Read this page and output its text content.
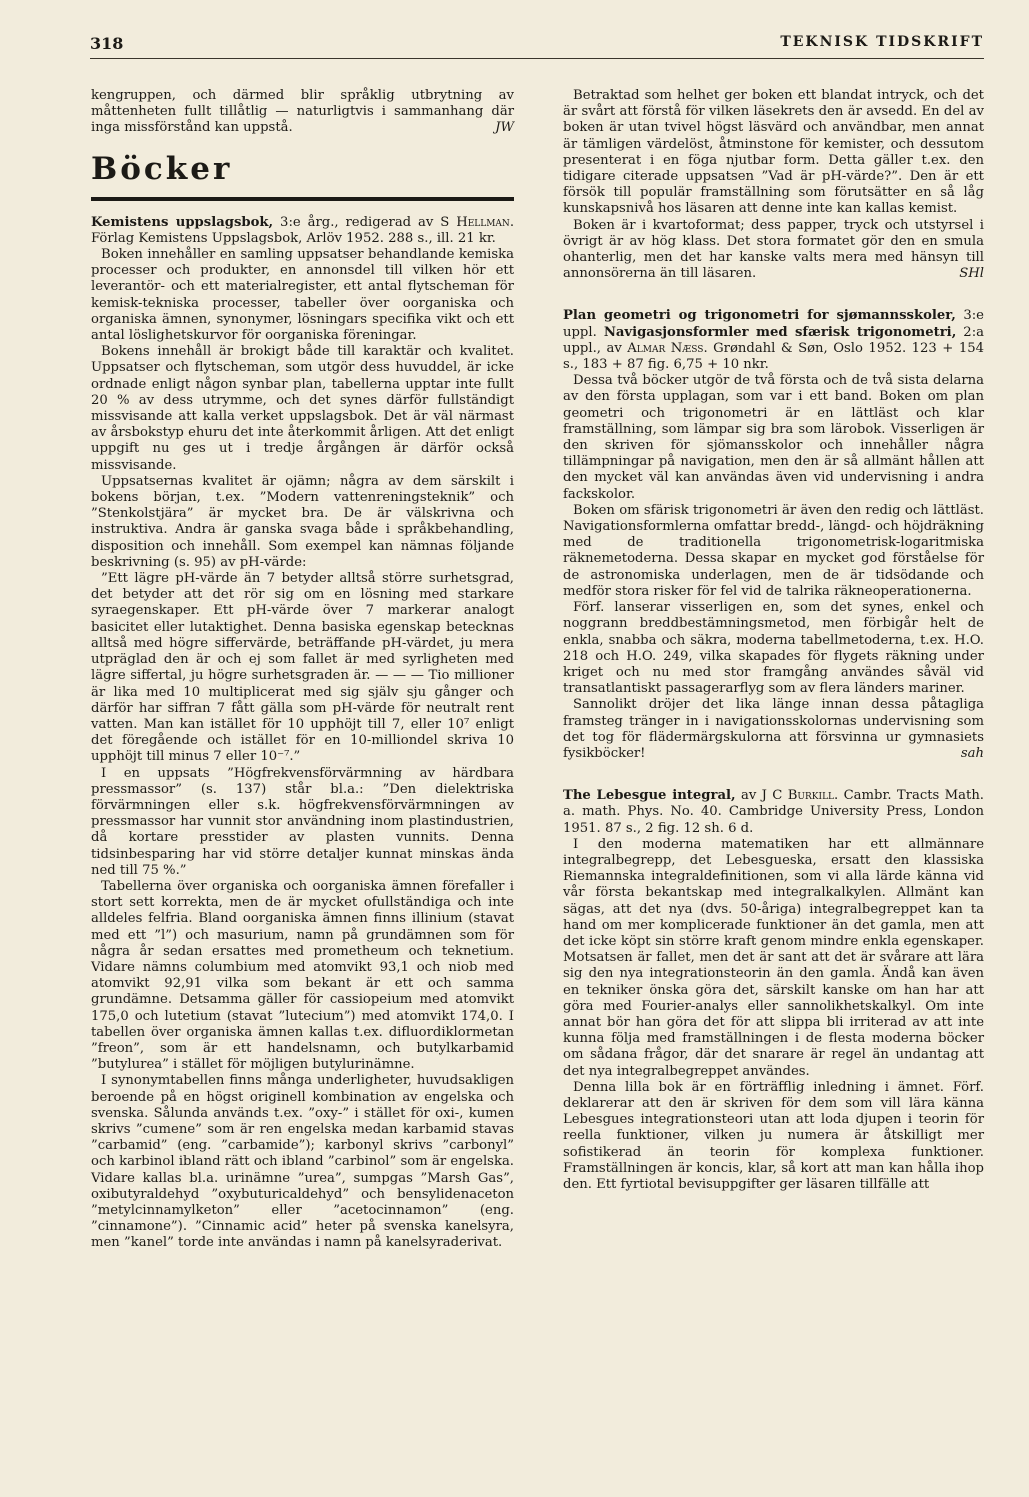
318	TEKNISK TIDSKRIFT

kengruppen, och därmed blir språklig utbrytning av måttenheten fullt tillåtlig — naturligtvis i sammanhang där inga missförstånd kan uppstå.	JW

Böcker

Kemistens uppslagsbok, 3:e årg., redigerad av S Hellman. Förlag Kemistens Uppslagsbok, Arlöv 1952. 288 s., ill. 21 kr.

Boken innehåller en samling uppsatser behandlande kemiska processer och produkter, en annonsdel till vilken hör ett leverantör- och ett materialregister, ett antal flytscheman för kemisk-tekniska processer, tabeller över oorganiska och organiska ämnen, synonymer, lösningars specifika vikt och ett antal löslighetskurvor för oorganiska föreningar.

Bokens innehåll är brokigt både till karaktär och kvalitet. Uppsatser och flytscheman, som utgör dess huvuddel, är icke ordnade enligt någon synbar plan, tabellerna upptar inte fullt 20 % av dess utrymme, och det synes därför fullständigt missvisande att kalla verket uppslagsbok. Det är väl närmast av årsbokstyp ehuru det inte återkommit årligen. Att det enligt uppgift nu ges ut i tredje årgången är därför också missvisande.

Uppsatsernas kvalitet är ojämn; några av dem särskilt i bokens början, t.ex. ”Modern vattenreningsteknik” och ”Stenkolstjära” är mycket bra. De är välskrivna och instruktiva. Andra är ganska svaga både i språkbehandling, disposition och innehåll. Som exempel kan nämnas följande beskrivning (s. 95) av pH-värde:

”Ett lägre pH-värde än 7 betyder alltså större surhetsgrad, det betyder att det rör sig om en lösning med starkare syraegenskaper. Ett pH-värde över 7 markerar analogt basicitet eller lutaktighet. Denna basiska egenskap betecknas alltså med högre siffervärde, beträffande pH-värdet, ju mera utpräglad den är och ej som fallet är med syrligheten med lägre siffertal, ju högre surhetsgraden är. — — — Tio millioner är lika med 10 multiplicerat med sig själv sju gånger och därför har siffran 7 fått gälla som pH-värde för neutralt rent vatten. Man kan istället för 10 upphöjt till 7, eller 10⁷ enligt det föregående och istället för en 10-milliondel skriva 10 upphöjt till minus 7 eller 10⁻⁷.”

I en uppsats ”Högfrekvensförvärmning av härdbara pressmassor” (s. 137) står bl.a.: ”Den dielektriska förvärmningen eller s.k. högfrekvensförvärmningen av pressmassor har vunnit stor användning inom plastindustrien, då kortare presstider av plasten vunnits. Denna tidsinbesparing har vid större detaljer kunnat minskas ända ned till 75 %.”

Tabellerna över organiska och oorganiska ämnen förefaller i stort sett korrekta, men de är mycket ofullständiga och inte alldeles felfria. Bland oorganiska ämnen finns illinium (stavat med ett ”l”) och masurium, namn på grundämnen som för några år sedan ersattes med prometheum och teknetium. Vidare nämns columbium med atomvikt 93,1 och niob med atomvikt 92,91 vilka som bekant är ett och samma grundämne. Detsamma gäller för cassiopeium med atomvikt 175,0 och lutetium (stavat ”lutecium”) med atomvikt 174,0. I tabellen över organiska ämnen kallas t.ex. difluordiklormetan ”freon”, som är ett handelsnamn, och butylkarbamid ”butylurea” i stället för möjligen butylurinämne.

I synonymtabellen finns många underligheter, huvudsakligen beroende på en högst originell kombination av engelska och svenska. Sålunda används t.ex. ”oxy-” i stället för oxi-, kumen skrivs ”cumene” som är ren engelska medan karbamid stavas ”carbamid” (eng. ”carbamide”); karbonyl skrivs ”carbonyl” och karbinol ibland rätt och ibland ”carbinol” som är engelska. Vidare kallas bl.a. urinämne ”urea”, sumpgas ”Marsh Gas”, oxibutyraldehyd ”oxybuturicaldehyd” och bensylidenaceton ”metylcinnamylketon” eller ”acetocinnamon” (eng. ”cinnamone”). ”Cinnamic acid” heter på svenska kanelsyra, men ”kanel” torde inte användas i namn på kanelsyraderivat.

Betraktad som helhet ger boken ett blandat intryck, och det är svårt att förstå för vilken läsekrets den är avsedd. En del av boken är utan tvivel högst läsvärd och användbar, men annat är tämligen värdelöst, åtminstone för kemister, och dessutom presenterat i en föga njutbar form. Detta gäller t.ex. den tidigare citerade uppsatsen ”Vad är pH-värde?”. Den är ett försök till populär framställning som förutsätter en så låg kunskapsnivå hos läsaren att denne inte kan kallas kemist.

Boken är i kvartoformat; dess papper, tryck och utstyrsel i övrigt är av hög klass. Det stora formatet gör den en smula ohanterlig, men det har kanske valts mera med hänsyn till annonsörerna än till läsaren.	SHl

Plan geometri og trigonometri for sjømannsskoler, 3:e uppl. Navigasjonsformler med sfærisk trigonometri, 2:a uppl., av Almar Næss. Grøndahl & Søn, Oslo 1952. 123 + 154 s., 183 + 87 fig. 6,75 + 10 nkr.

Dessa två böcker utgör de två första och de två sista delarna av den första upplagan, som var i ett band. Boken om plan geometri och trigonometri är en lättläst och klar framställning, som lämpar sig bra som lärobok. Visserligen är den skriven för sjömansskolor och innehåller några tillämpningar på navigation, men den är så allmänt hållen att den mycket väl kan användas även vid undervisning i andra fackskolor.

Boken om sfärisk trigonometri är även den redig och lättläst. Navigationsformlerna omfattar bredd-, längd- och höjdräkning med de traditionella trigonometrisk-logaritmiska räknemetoderna. Dessa skapar en mycket god förståelse för de astronomiska underlagen, men de är tidsödande och medför stora risker för fel vid de talrika räkneoperationerna.

Förf. lanserar visserligen en, som det synes, enkel och noggrann breddbestämningsmetod, men förbigår helt de enkla, snabba och säkra, moderna tabellmetoderna, t.ex. H.O. 218 och H.O. 249, vilka skapades för flygets räkning under kriget och nu med stor framgång användes såväl vid transatlantiskt passagerarflyg som av flera länders mariner.

Sannolikt dröjer det lika länge innan dessa påtagliga framsteg tränger in i navigationsskolornas undervisning som det tog för flädermärgskulorna att försvinna ur gymnasiets fysikböcker!	sah

The Lebesgue integral, av J C Burkill. Cambr. Tracts Math. a. math. Phys. No. 40. Cambridge University Press, London 1951. 87 s., 2 fig. 12 sh. 6 d.

I den moderna matematiken har ett allmännare integralbegrepp, det Lebesgueska, ersatt den klassiska Riemannska integraldefinitionen, som vi alla lärde känna vid vår första bekantskap med integralkalkylen. Allmänt kan sägas, att det nya (dvs. 50-åriga) integralbegreppet kan ta hand om mer komplicerade funktioner än det gamla, men att det icke köpt sin större kraft genom mindre enkla egenskaper. Motsatsen är fallet, men det är sant att det är svårare att lära sig den nya integrationsteorin än den gamla. Ändå kan även en tekniker önska göra det, särskilt kanske om han har att göra med Fourier-analys eller sannolikhetskalkyl. Om inte annat bör han göra det för att slippa bli irriterad av att inte kunna följa med framställningen i de flesta moderna böcker om sådana frågor, där det snarare är regel än undantag att det nya integralbegreppet användes.

Denna lilla bok är en förträfflig inledning i ämnet. Förf. deklarerar att den är skriven för dem som vill lära känna Lebesgues integrationsteori utan att loda djupen i teorin för reella funktioner, vilken ju numera är åtskilligt mer sofistikerad än teorin för komplexa funktioner. Framställningen är koncis, klar, så kort att man kan hålla ihop den. Ett fyrtiotal bevisuppgifter ger läsaren tillfälle att
